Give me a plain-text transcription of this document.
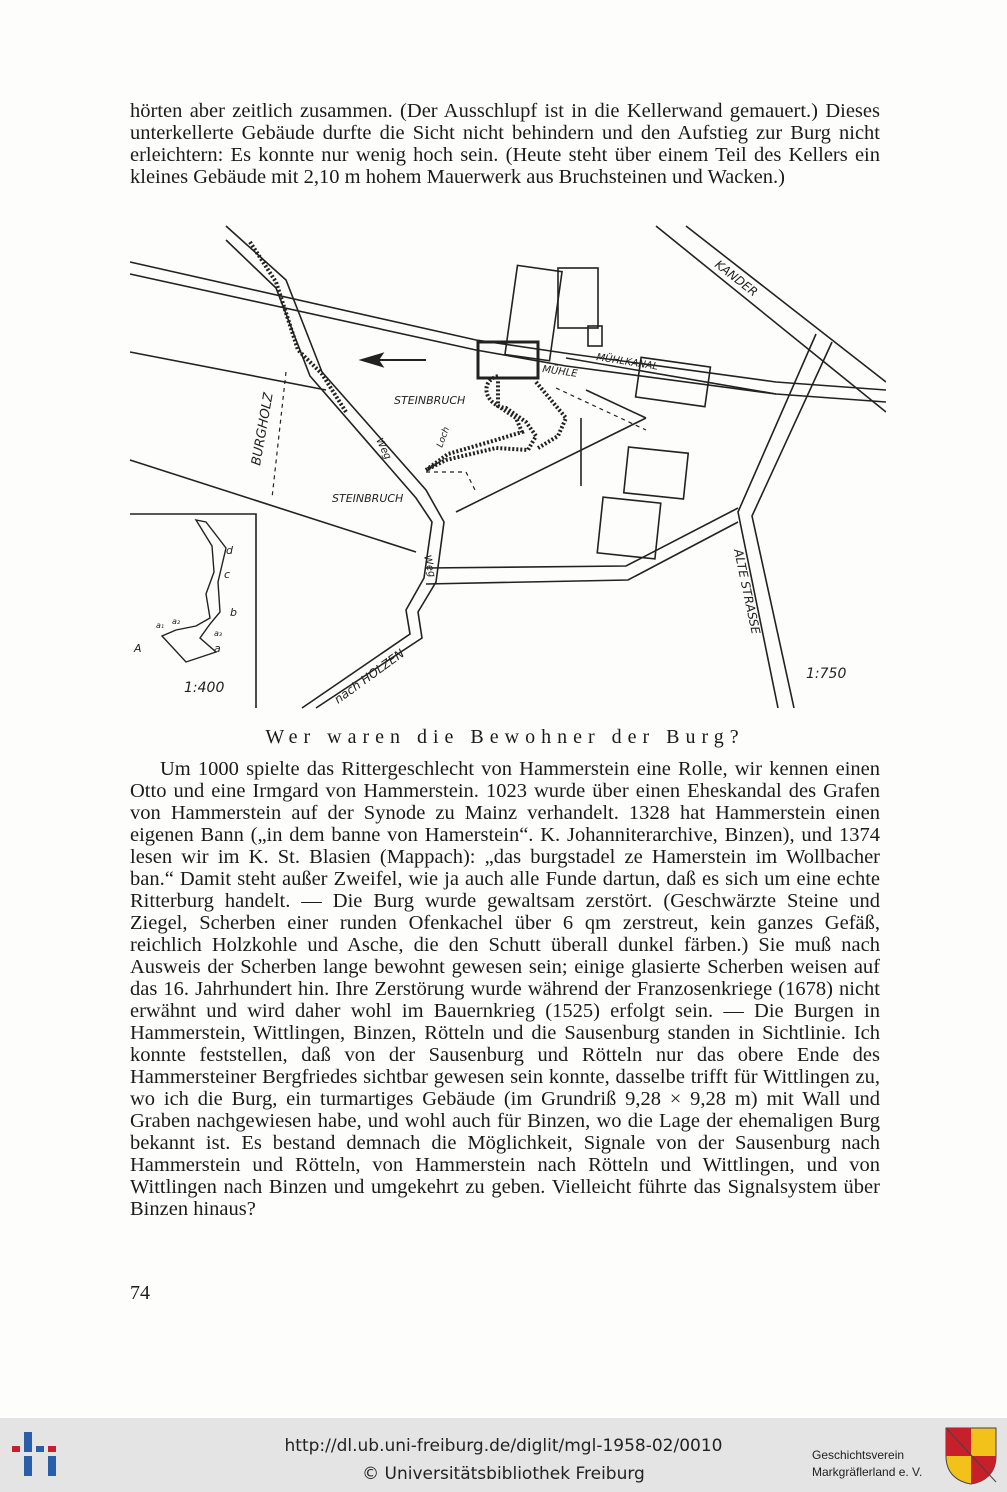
hörten aber zeitlich zusammen. (Der Ausschlupf ist in die Kellerwand gemauert.) Dieses unterkellerte Gebäude durfte die Sicht nicht behindern und den Aufstieg zur Burg nicht erleichtern: Es konnte nur wenig hoch sein. (Heute steht über einem Teil des Kellers ein kleines Gebäude mit 2,10 m hohem Mauerwerk aus Bruchsteinen und Wacken.)
KANDER
MÜHLKANAL
MÜHLE
STEINBRUCH
STEINBRUCH
BURGHOLZ	Weg
Weg
Loch
ALTE STRASSE
nach HOLZEN	1:750
1:400
d
c
b
a
A
a₁ a₂
a₃
Wer waren die Bewohner der Burg?
Um 1000 spielte das Rittergeschlecht von Hammerstein eine Rolle, wir kennen einen Otto und eine Irmgard von Hammerstein. 1023 wurde über einen Eheskandal des Grafen von Hammerstein auf der Synode zu Mainz verhandelt. 1328 hat Hammerstein einen eigenen Bann („in dem banne von Hamerstein“. K. Johanniterarchive, Binzen), und 1374 lesen wir im K. St. Blasien (Mappach): „das burgstadel ze Hamerstein im Wollbacher ban.“ Damit steht außer Zweifel, wie ja auch alle Funde dartun, daß es sich um eine echte Ritterburg handelt. — Die Burg wurde gewaltsam zerstört. (Geschwärzte Steine und Ziegel, Scherben einer runden Ofenkachel über 6 qm zerstreut, kein ganzes Gefäß, reichlich Holzkohle und Asche, die den Schutt überall dunkel färben.) Sie muß nach Ausweis der Scherben lange bewohnt gewesen sein; einige glasierte Scherben weisen auf das 16. Jahrhundert hin. Ihre Zerstörung wurde während der Franzosenkriege (1678) nicht erwähnt und wird daher wohl im Bauernkrieg (1525) erfolgt sein. — Die Burgen in Hammerstein, Wittlingen, Binzen, Rötteln und die Sausenburg standen in Sichtlinie. Ich konnte feststellen, daß von der Sausenburg und Rötteln nur das obere Ende des Hammersteiner Bergfriedes sichtbar gewesen sein konnte, dasselbe trifft für Wittlingen zu, wo ich die Burg, ein turmartiges Gebäude (im Grundriß 9,28 × 9,28 m) mit Wall und Graben nachgewiesen habe, und wohl auch für Binzen, wo die Lage der ehemaligen Burg bekannt ist. Es bestand demnach die Möglichkeit, Signale von der Sausenburg nach Hammerstein und Rötteln, von Hammerstein nach Rötteln und Wittlingen, und von Wittlingen nach Binzen und umgekehrt zu geben. Vielleicht führte das Signalsystem über Binzen hinaus?
74
http://dl.ub.uni-freiburg.de/diglit/mgl-1958-02/0010
© Universitätsbibliothek Freiburg
Geschichtsverein
Markgräflerland e. V.
